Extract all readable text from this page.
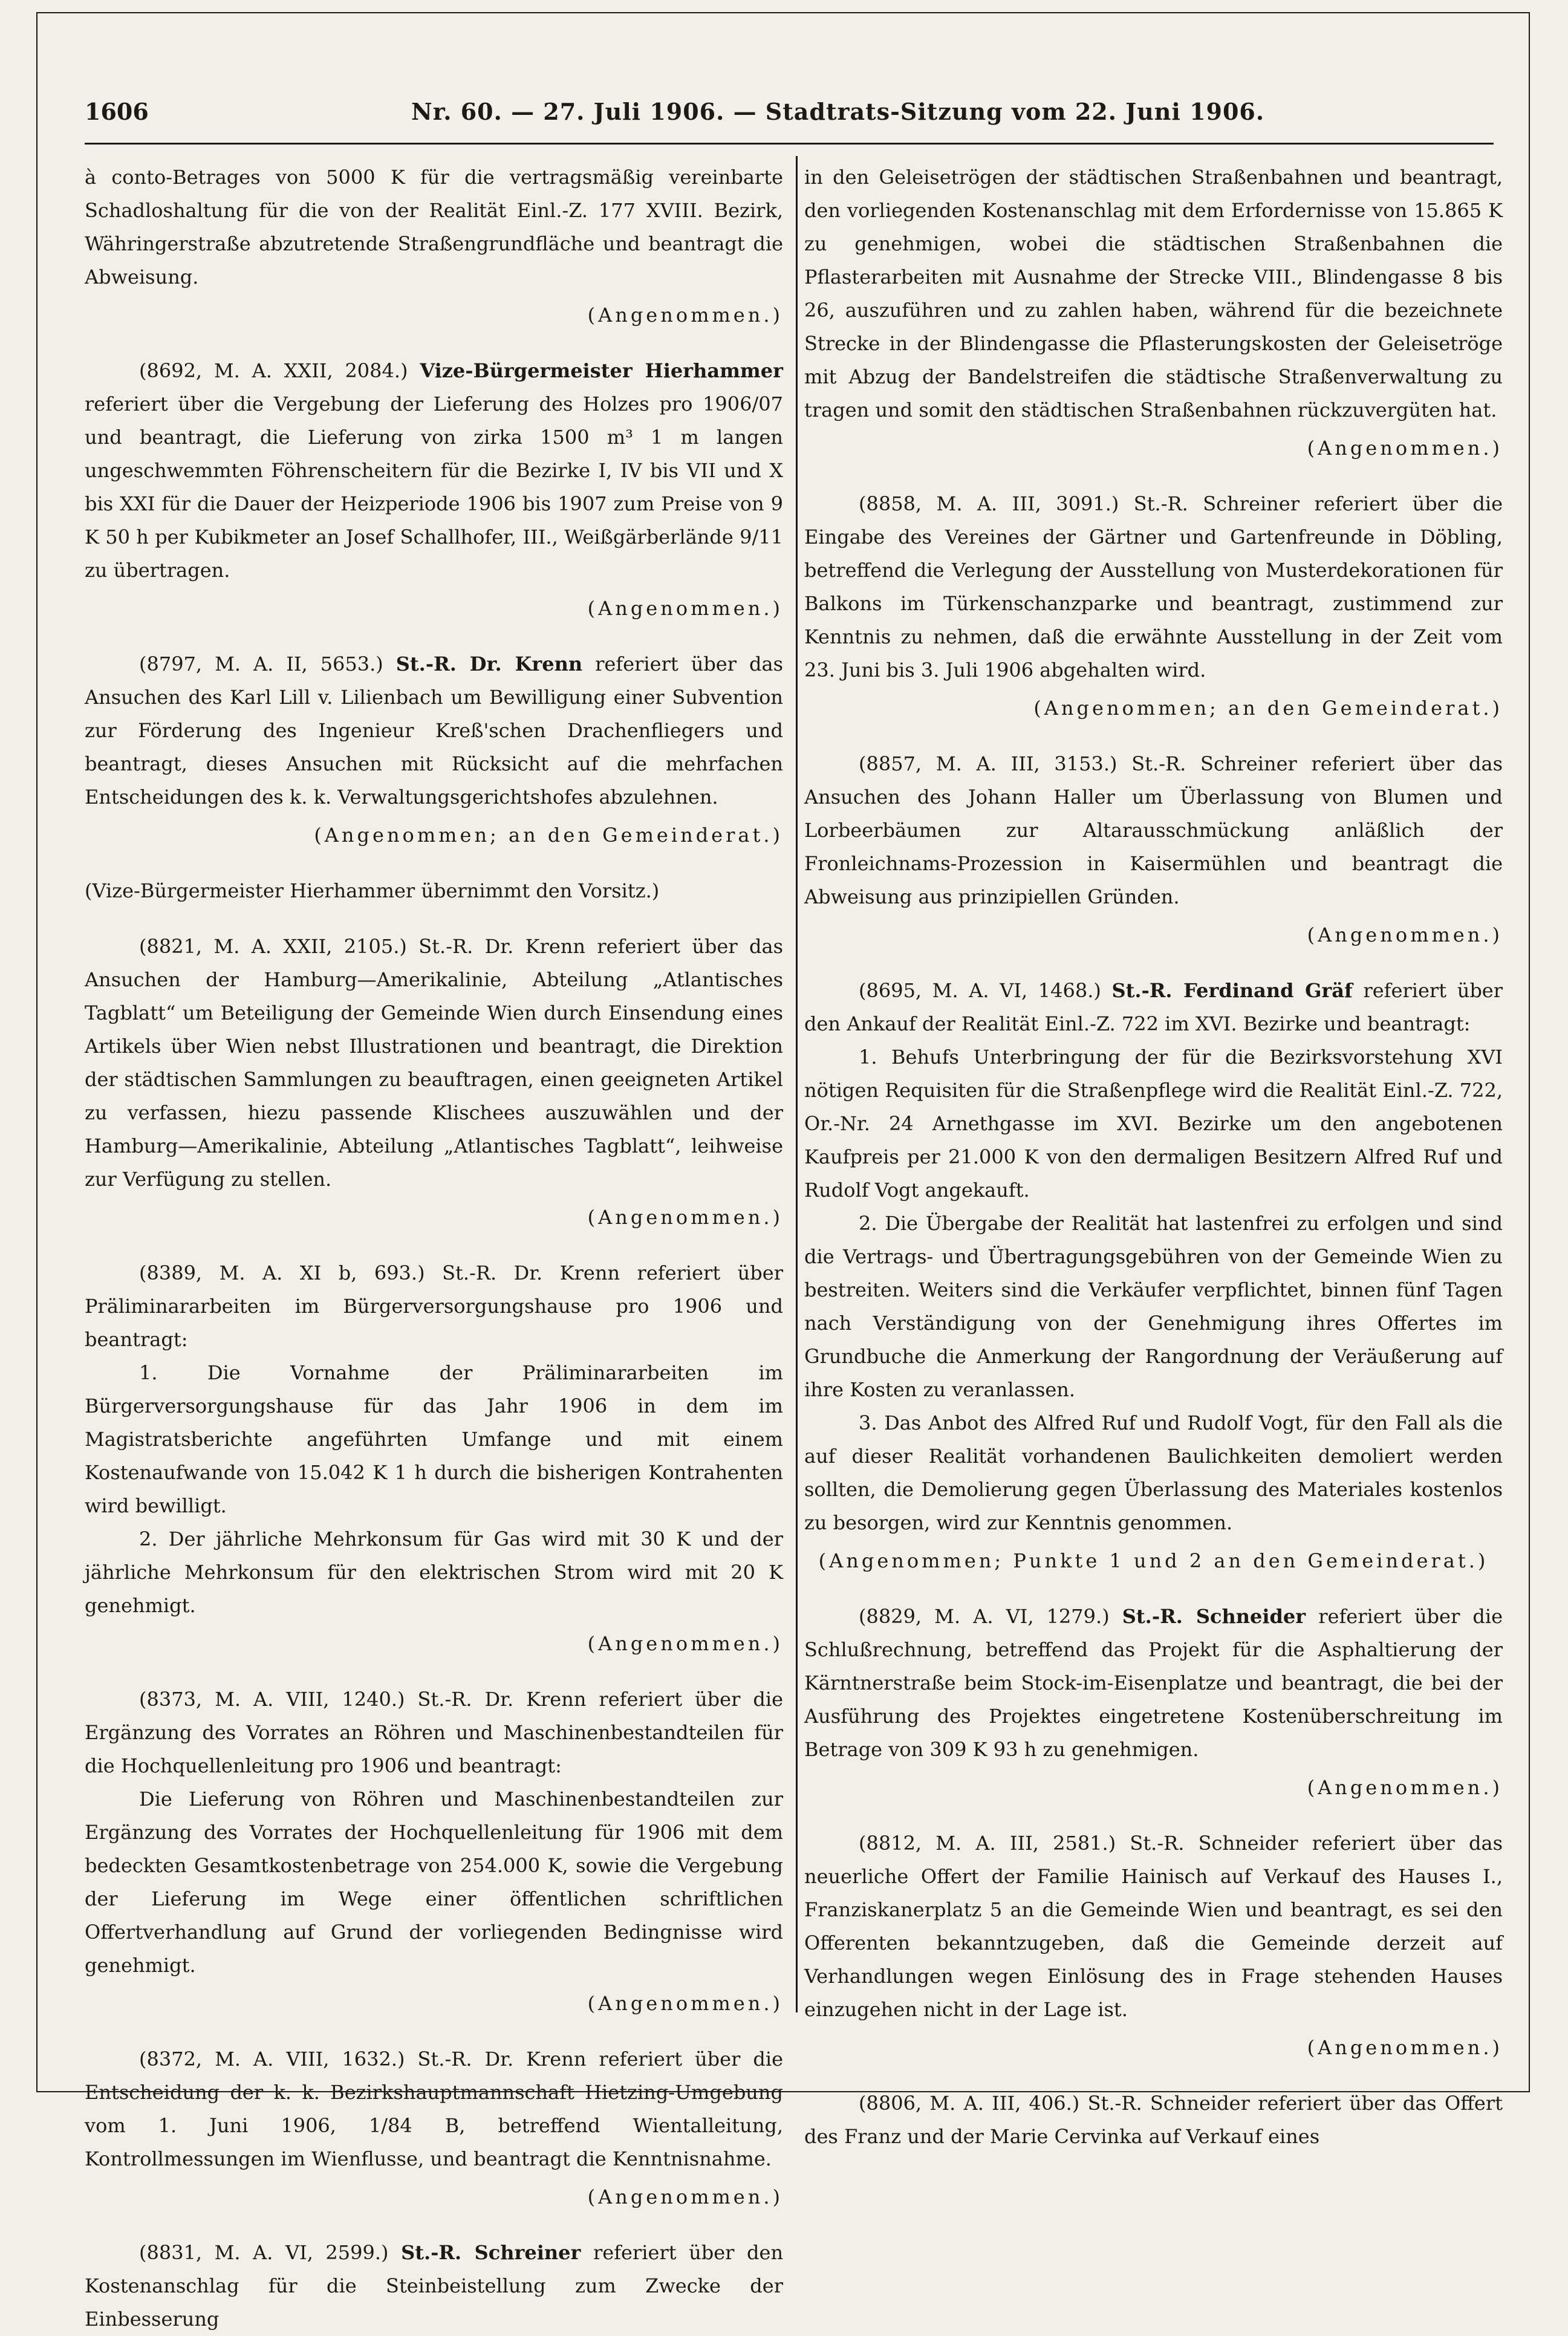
1606	Nr. 60. — 27. Juli 1906. — Stadtrats-Sitzung vom 22. Juni 1906.

à conto-Betrages von 5000 K für die vertragsmäßig vereinbarte Schadloshaltung für die von der Realität Einl.-Z. 177 XVIII. Bezirk, Währingerstraße abzutretende Straßengrundfläche und beantragt die Abweisung.

(Angenommen.)

(8692, M. A. XXII, 2084.) Vize-Bürgermeister Hierhammer referiert über die Vergebung der Lieferung des Holzes pro 1906/07 und beantragt, die Lieferung von zirka 1500 m³ 1 m langen ungeschwemmten Föhrenscheitern für die Bezirke I, IV bis VII und X bis XXI für die Dauer der Heizperiode 1906 bis 1907 zum Preise von 9 K 50 h per Kubikmeter an Josef Schallhofer, III., Weißgärberlände 9/11 zu übertragen.

(Angenommen.)

(8797, M. A. II, 5653.) St.-R. Dr. Krenn referiert über das Ansuchen des Karl Lill v. Lilienbach um Bewilligung einer Subvention zur Förderung des Ingenieur Kreß'schen Drachenfliegers und beantragt, dieses Ansuchen mit Rücksicht auf die mehrfachen Entscheidungen des k. k. Verwaltungsgerichtshofes abzulehnen.

(Angenommen; an den Gemeinderat.)

(Vize-Bürgermeister Hierhammer übernimmt den Vorsitz.)

(8821, M. A. XXII, 2105.) St.-R. Dr. Krenn referiert über das Ansuchen der Hamburg—Amerikalinie, Abteilung „Atlantisches Tagblatt“ um Beteiligung der Gemeinde Wien durch Einsendung eines Artikels über Wien nebst Illustrationen und beantragt, die Direktion der städtischen Sammlungen zu beauftragen, einen geeigneten Artikel zu verfassen, hiezu passende Klischees auszuwählen und der Hamburg—Amerikalinie, Abteilung „Atlantisches Tagblatt“, leihweise zur Verfügung zu stellen.

(Angenommen.)

(8389, M. A. XI b, 693.) St.-R. Dr. Krenn referiert über Präliminararbeiten im Bürgerversorgungshause pro 1906 und beantragt:

1. Die Vornahme der Präliminararbeiten im Bürgerversorgungshause für das Jahr 1906 in dem im Magistratsberichte angeführten Umfange und mit einem Kostenaufwande von 15.042 K 1 h durch die bisherigen Kontrahenten wird bewilligt.

2. Der jährliche Mehrkonsum für Gas wird mit 30 K und der jährliche Mehrkonsum für den elektrischen Strom wird mit 20 K genehmigt.

(Angenommen.)

(8373, M. A. VIII, 1240.) St.-R. Dr. Krenn referiert über die Ergänzung des Vorrates an Röhren und Maschinenbestandteilen für die Hochquellenleitung pro 1906 und beantragt:

Die Lieferung von Röhren und Maschinenbestandteilen zur Ergänzung des Vorrates der Hochquellenleitung für 1906 mit dem bedeckten Gesamtkostenbetrage von 254.000 K, sowie die Vergebung der Lieferung im Wege einer öffentlichen schriftlichen Offertverhandlung auf Grund der vorliegenden Bedingnisse wird genehmigt.

(Angenommen.)

(8372, M. A. VIII, 1632.) St.-R. Dr. Krenn referiert über die Entscheidung der k. k. Bezirkshauptmannschaft Hietzing-Umgebung vom 1. Juni 1906, 1/84 B, betreffend Wientalleitung, Kontrollmessungen im Wienflusse, und beantragt die Kenntnisnahme.

(Angenommen.)

(8831, M. A. VI, 2599.) St.-R. Schreiner referiert über den Kostenanschlag für die Steinbeistellung zum Zwecke der Einbesserung

in den Geleisetrögen der städtischen Straßenbahnen und beantragt, den vorliegenden Kostenanschlag mit dem Erfordernisse von 15.865 K zu genehmigen, wobei die städtischen Straßenbahnen die Pflasterarbeiten mit Ausnahme der Strecke VIII., Blindengasse 8 bis 26, auszuführen und zu zahlen haben, während für die bezeichnete Strecke in der Blindengasse die Pflasterungskosten der Geleisetröge mit Abzug der Bandelstreifen die städtische Straßenverwaltung zu tragen und somit den städtischen Straßenbahnen rückzuvergüten hat.

(Angenommen.)

(8858, M. A. III, 3091.) St.-R. Schreiner referiert über die Eingabe des Vereines der Gärtner und Gartenfreunde in Döbling, betreffend die Verlegung der Ausstellung von Musterdekorationen für Balkons im Türkenschanzparke und beantragt, zustimmend zur Kenntnis zu nehmen, daß die erwähnte Ausstellung in der Zeit vom 23. Juni bis 3. Juli 1906 abgehalten wird.

(Angenommen; an den Gemeinderat.)

(8857, M. A. III, 3153.) St.-R. Schreiner referiert über das Ansuchen des Johann Haller um Überlassung von Blumen und Lorbeerbäumen zur Altarausschmückung anläßlich der Fronleichnams-Prozession in Kaisermühlen und beantragt die Abweisung aus prinzipiellen Gründen.

(Angenommen.)

(8695, M. A. VI, 1468.) St.-R. Ferdinand Gräf referiert über den Ankauf der Realität Einl.-Z. 722 im XVI. Bezirke und beantragt:

1. Behufs Unterbringung der für die Bezirksvorstehung XVI nötigen Requisiten für die Straßenpflege wird die Realität Einl.-Z. 722, Or.-Nr. 24 Arnethgasse im XVI. Bezirke um den angebotenen Kaufpreis per 21.000 K von den dermaligen Besitzern Alfred Ruf und Rudolf Vogt angekauft.

2. Die Übergabe der Realität hat lastenfrei zu erfolgen und sind die Vertrags- und Übertragungsgebühren von der Gemeinde Wien zu bestreiten. Weiters sind die Verkäufer verpflichtet, binnen fünf Tagen nach Verständigung von der Genehmigung ihres Offertes im Grundbuche die Anmerkung der Rangordnung der Veräußerung auf ihre Kosten zu veranlassen.

3. Das Anbot des Alfred Ruf und Rudolf Vogt, für den Fall als die auf dieser Realität vorhandenen Baulichkeiten demoliert werden sollten, die Demolierung gegen Überlassung des Materiales kostenlos zu besorgen, wird zur Kenntnis genommen.

(Angenommen; Punkte 1 und 2 an den Gemeinderat.)

(8829, M. A. VI, 1279.) St.-R. Schneider referiert über die Schlußrechnung, betreffend das Projekt für die Asphaltierung der Kärntnerstraße beim Stock-im-Eisenplatze und beantragt, die bei der Ausführung des Projektes eingetretene Kostenüberschreitung im Betrage von 309 K 93 h zu genehmigen.

(Angenommen.)

(8812, M. A. III, 2581.) St.-R. Schneider referiert über das neuerliche Offert der Familie Hainisch auf Verkauf des Hauses I., Franziskanerplatz 5 an die Gemeinde Wien und beantragt, es sei den Offerenten bekanntzugeben, daß die Gemeinde derzeit auf Verhandlungen wegen Einlösung des in Frage stehenden Hauses einzugehen nicht in der Lage ist.

(Angenommen.)

(8806, M. A. III, 406.) St.-R. Schneider referiert über das Offert des Franz und der Marie Cervinka auf Verkauf eines
